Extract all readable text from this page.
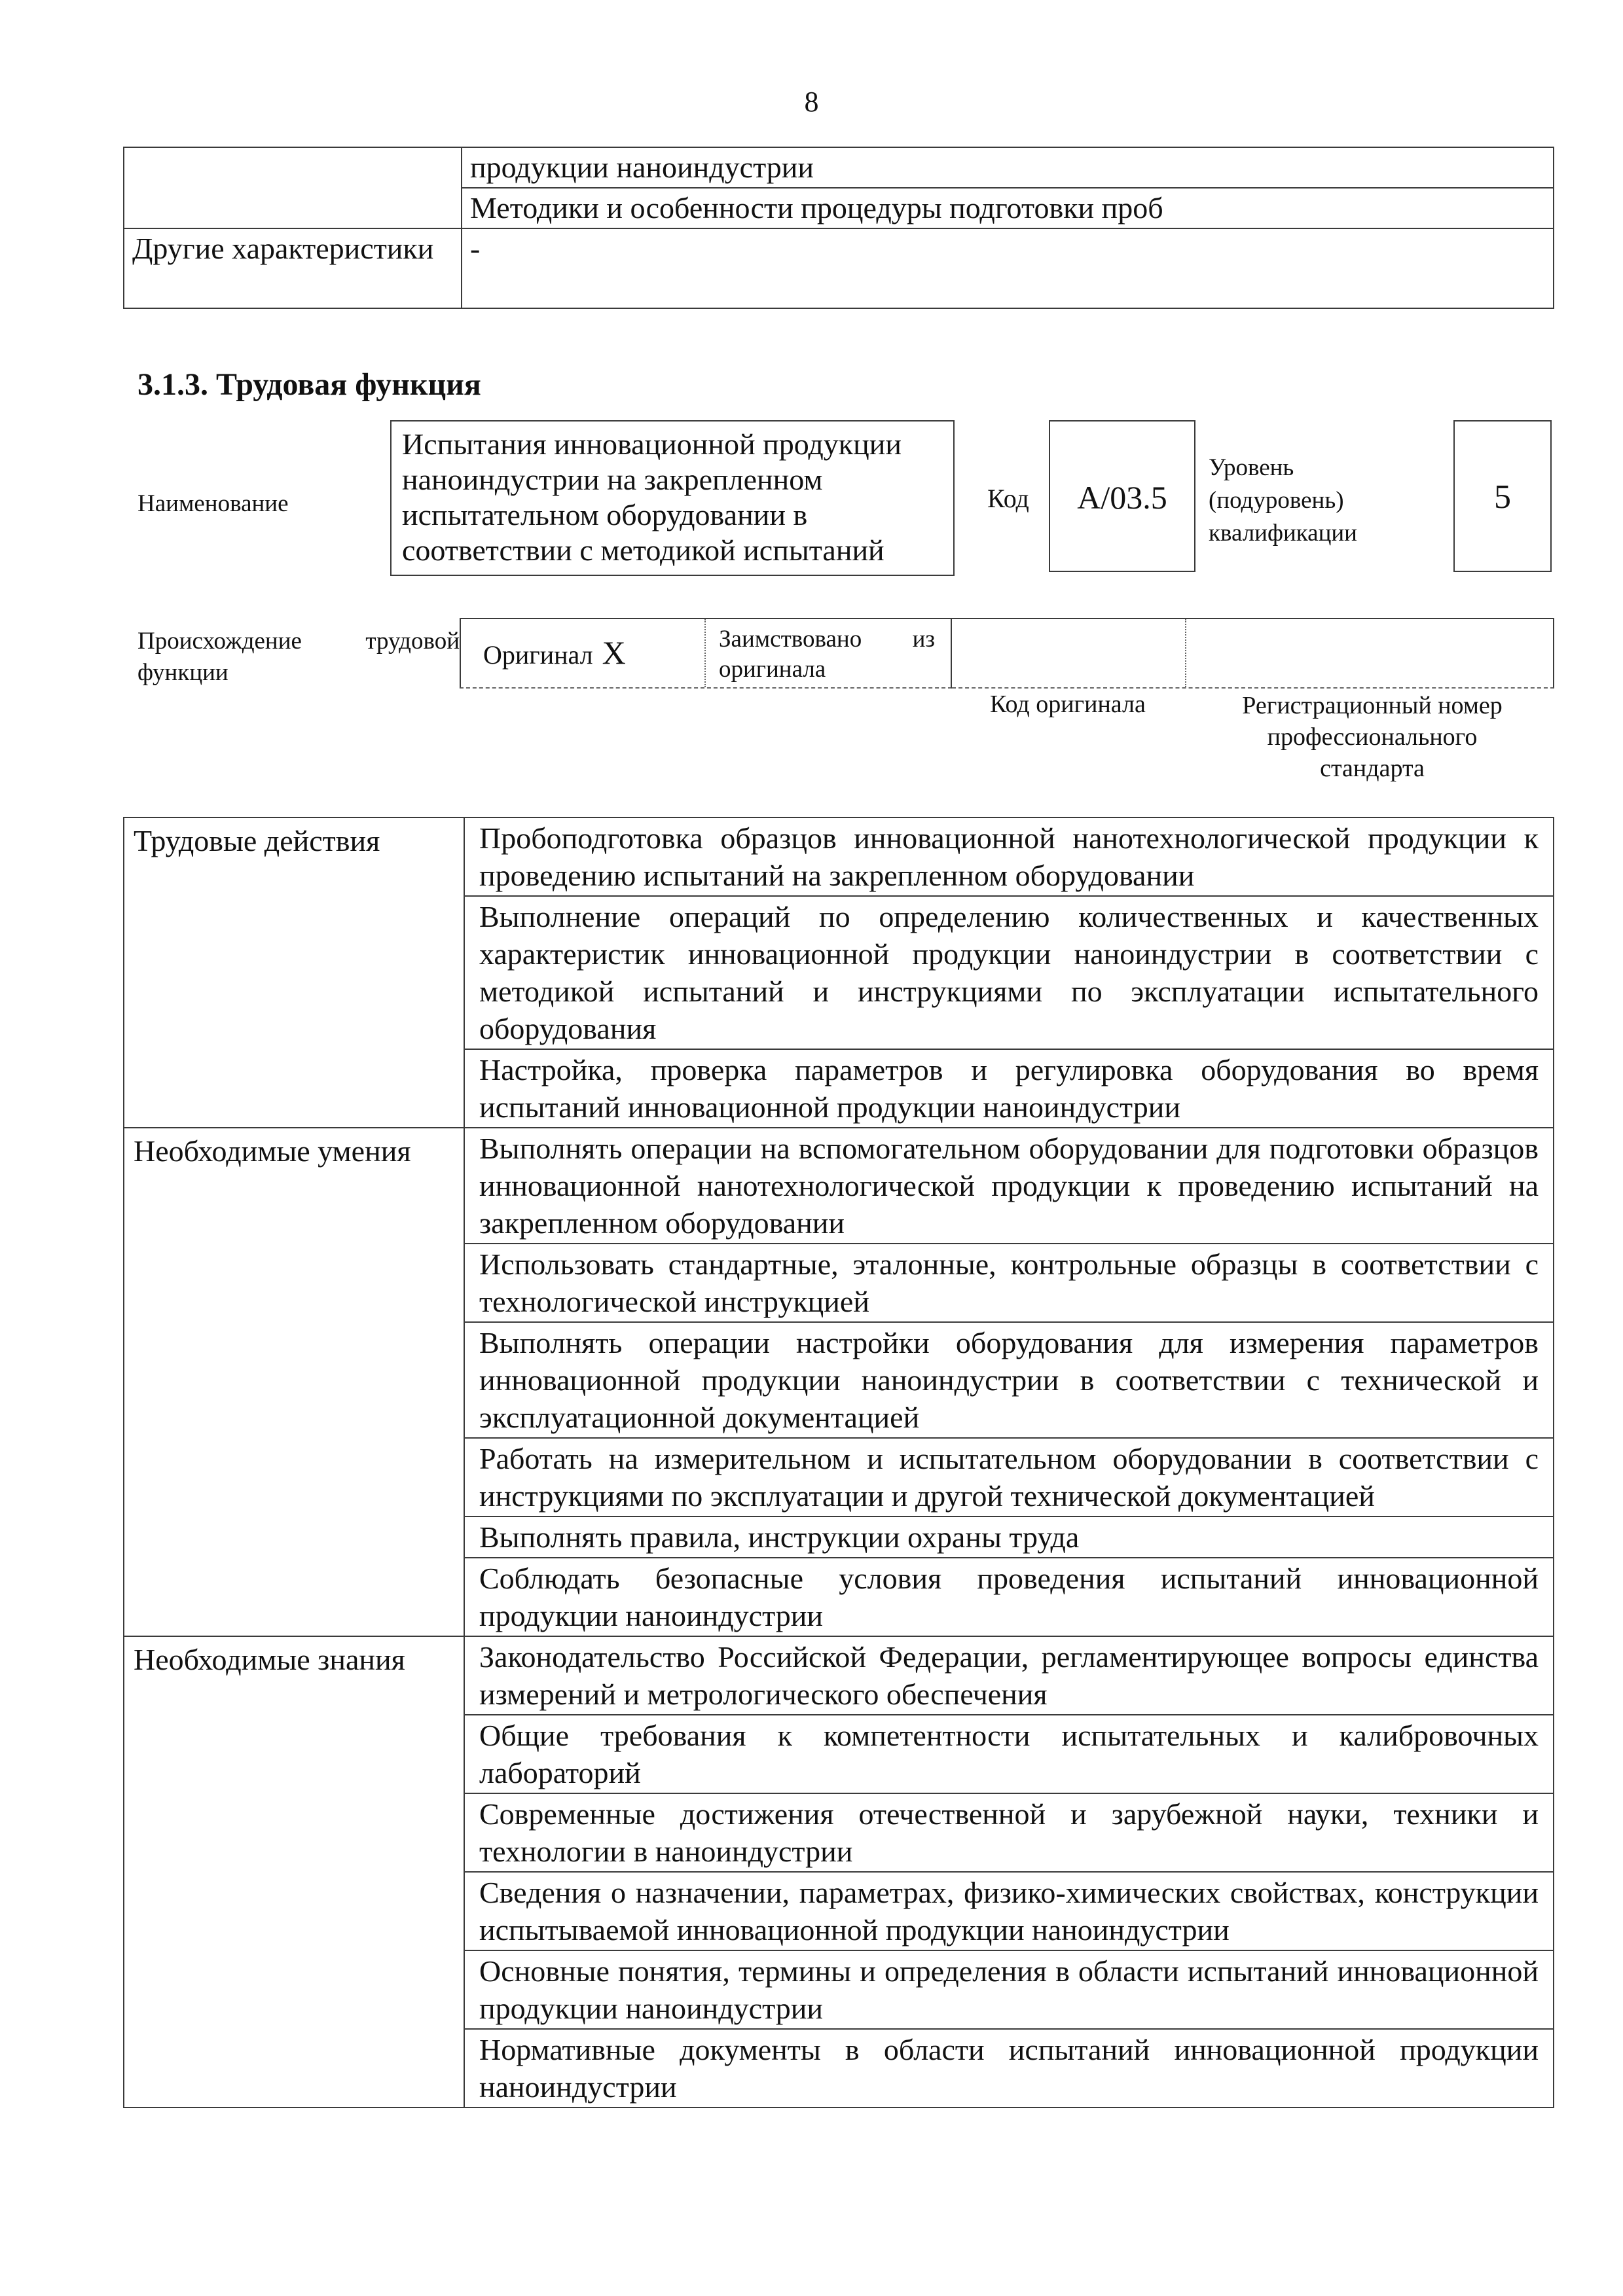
8
	продукции наноиндустрии
	Методики и особенности процедуры подготовки проб
Другие характеристики	-
3.1.3. Трудовая функция
Наименование
Испытания инновационной продукции наноиндустрии на закрепленном испытательном оборудовании в соответствии с методикой испытаний
Код	А/03.5
Уровень (подуровень) квалификации
5
Происхождение трудовой функции
Оригинал X	Заимствовано из оригинала
Код оригинала	Регистрационный номер профессионального стандарта
Трудовые действия	Пробоподготовка образцов инновационной нанотехнологической продукции к проведению испытаний на закрепленном оборудовании
	Выполнение операций по определению количественных и качественных характеристик инновационной продукции наноиндустрии в соответствии с методикой испытаний и инструкциями по эксплуатации испытательного оборудования
	Настройка, проверка параметров и регулировка оборудования во время испытаний инновационной продукции наноиндустрии
Необходимые умения	Выполнять операции на вспомогательном оборудовании для подготовки образцов инновационной нанотехнологической продукции к проведению испытаний на закрепленном оборудовании
	Использовать стандартные, эталонные, контрольные образцы в соответствии с технологической инструкцией
	Выполнять операции настройки оборудования для измерения параметров инновационной продукции наноиндустрии в соответствии с технической и эксплуатационной документацией
	Работать на измерительном и испытательном оборудовании в соответствии с инструкциями по эксплуатации и другой технической документацией
	Выполнять правила, инструкции охраны труда
	Соблюдать безопасные условия проведения испытаний инновационной продукции наноиндустрии
Необходимые знания	Законодательство Российской Федерации, регламентирующее вопросы единства измерений и метрологического обеспечения
	Общие требования к компетентности испытательных и калибровочных лабораторий
	Современные достижения отечественной и зарубежной науки, техники и технологии в наноиндустрии
	Сведения о назначении, параметрах, физико-химических свойствах, конструкции испытываемой инновационной продукции наноиндустрии
	Основные понятия, термины и определения в области испытаний инновационной продукции наноиндустрии
	Нормативные документы в области испытаний инновационной продукции наноиндустрии
